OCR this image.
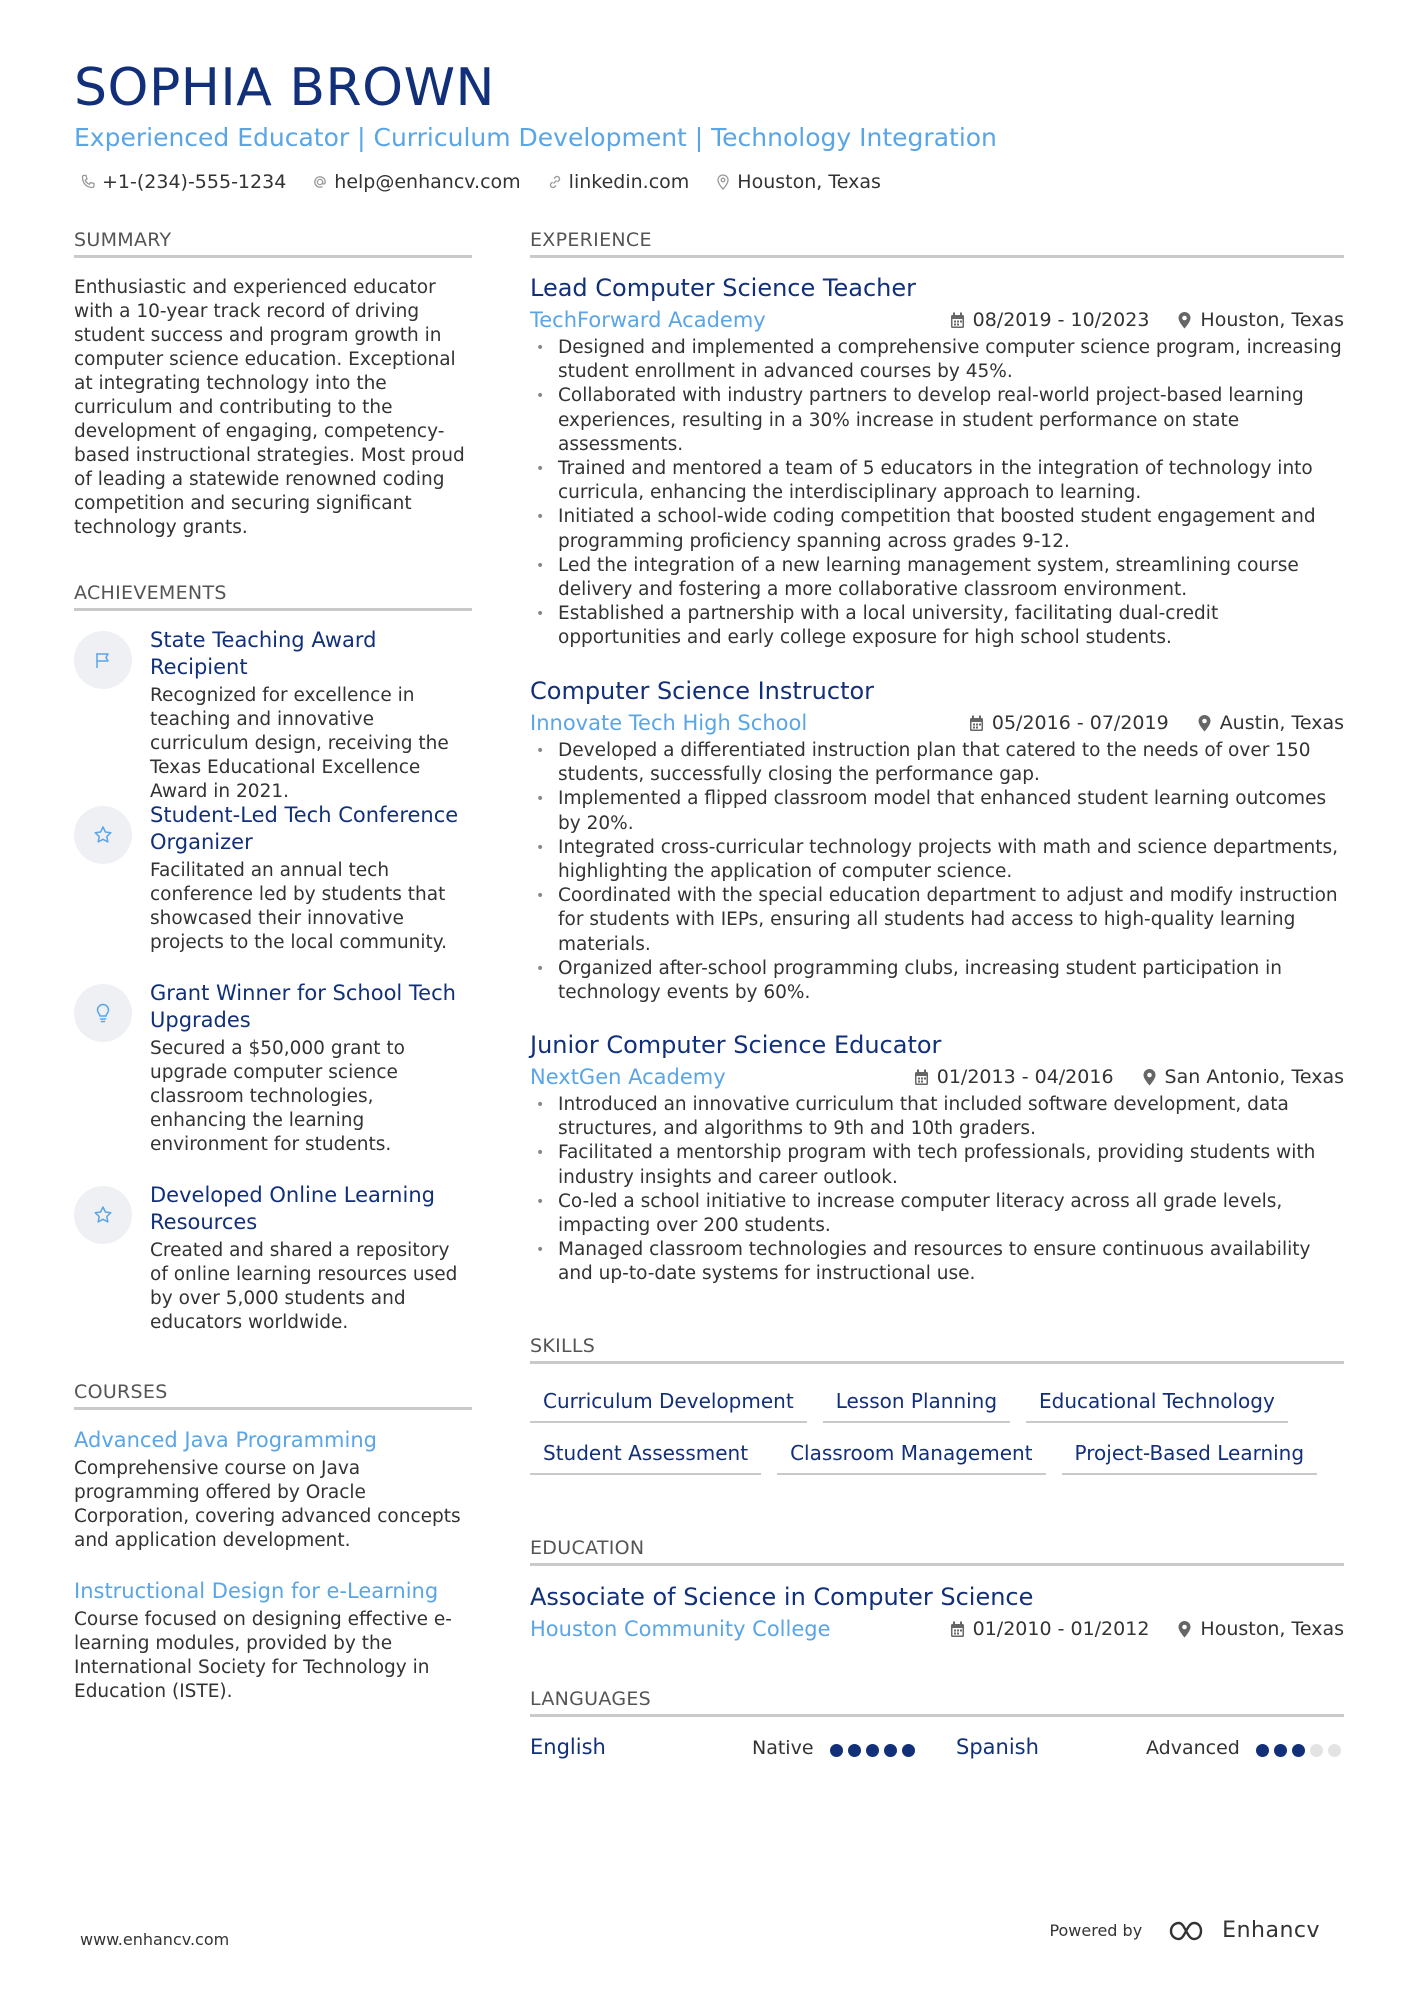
SOPHIA BROWN
Experienced Educator | Curriculum Development | Technology Integration
+1-(234)-555-1234	help@enhancv.com	linkedin.com	Houston, Texas
SUMMARY
Enthusiastic and experienced educator with a 10-year track record of driving student success and program growth in computer science education. Exceptional at integrating technology into the curriculum and contributing to the development of engaging, competency-based instructional strategies. Most proud of leading a statewide renowned coding competition and securing significant technology grants.
ACHIEVEMENTS
State Teaching Award Recipient
Recognized for excellence in teaching and innovative curriculum design, receiving the Texas Educational Excellence Award in 2021.
Student-Led Tech Conference Organizer
Facilitated an annual tech conference led by students that showcased their innovative projects to the local community.
Grant Winner for School Tech Upgrades
Secured a $50,000 grant to upgrade computer science classroom technologies, enhancing the learning environment for students.
Developed Online Learning Resources
Created and shared a repository of online learning resources used by over 5,000 students and educators worldwide.
COURSES
Advanced Java Programming
Comprehensive course on Java programming offered by Oracle Corporation, covering advanced concepts and application development.
Instructional Design for e-Learning
Course focused on designing effective e-learning modules, provided by the International Society for Technology in Education (ISTE).
EXPERIENCE
Lead Computer Science Teacher
TechForward Academy	08/2019 - 10/2023	Houston, Texas
• Designed and implemented a comprehensive computer science program, increasing student enrollment in advanced courses by 45%.
• Collaborated with industry partners to develop real-world project-based learning experiences, resulting in a 30% increase in student performance on state assessments.
• Trained and mentored a team of 5 educators in the integration of technology into curricula, enhancing the interdisciplinary approach to learning.
• Initiated a school-wide coding competition that boosted student engagement and programming proficiency spanning across grades 9-12.
• Led the integration of a new learning management system, streamlining course delivery and fostering a more collaborative classroom environment.
• Established a partnership with a local university, facilitating dual-credit opportunities and early college exposure for high school students.
Computer Science Instructor
Innovate Tech High School	05/2016 - 07/2019	Austin, Texas
• Developed a differentiated instruction plan that catered to the needs of over 150 students, successfully closing the performance gap.
• Implemented a flipped classroom model that enhanced student learning outcomes by 20%.
• Integrated cross-curricular technology projects with math and science departments, highlighting the application of computer science.
• Coordinated with the special education department to adjust and modify instruction for students with IEPs, ensuring all students had access to high-quality learning materials.
• Organized after-school programming clubs, increasing student participation in technology events by 60%.
Junior Computer Science Educator
NextGen Academy	01/2013 - 04/2016	San Antonio, Texas
• Introduced an innovative curriculum that included software development, data structures, and algorithms to 9th and 10th graders.
• Facilitated a mentorship program with tech professionals, providing students with industry insights and career outlook.
• Co-led a school initiative to increase computer literacy across all grade levels, impacting over 200 students.
• Managed classroom technologies and resources to ensure continuous availability and up-to-date systems for instructional use.
SKILLS
Curriculum Development	Lesson Planning	Educational Technology
Student Assessment	Classroom Management	Project-Based Learning
EDUCATION
Associate of Science in Computer Science
Houston Community College	01/2010 - 01/2012	Houston, Texas
LANGUAGES
English	Native	Spanish	Advanced
www.enhancv.com	Powered by	Enhancv
